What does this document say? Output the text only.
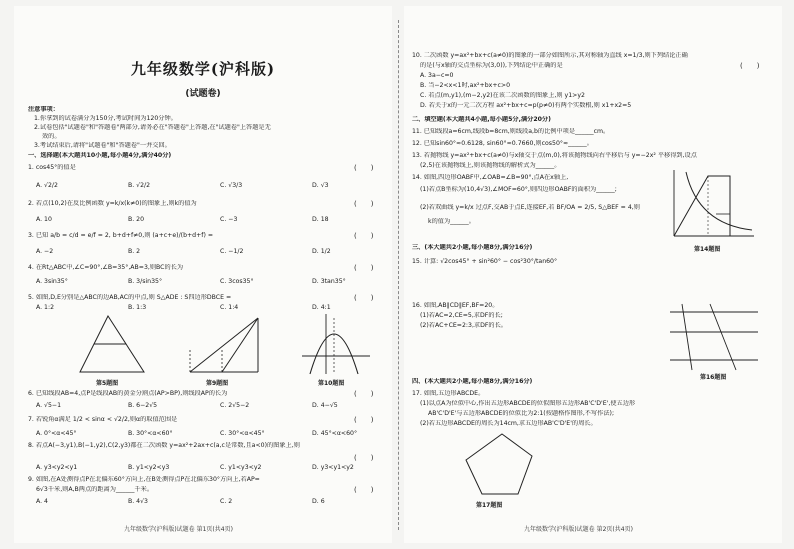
九年级数学(沪科版)
(试题卷)
注意事项：
1.你拿到的试卷满分为150分,考试时间为120分钟。
2.试卷包括"试题卷"和"答题卷"两部分,请务必在"答题卷"上答题,在"试题卷"上答题是无
效的。
3.考试结束后,请将"试题卷"和"答题卷"一并交回。
一、选择题(本大题共10小题,每小题4分,满分40分)
1. cos45°的值是	(　　)
A. √2/2	B. √2/2	C. √3/3	D. √3
2. 若点(10,2)在反比例函数 y=k/x(k≠0)的图象上,则k的值为	(　　)
A. 10	B. 20	C. −3	D. 18
3. 已知 a/b = c/d = e/f = 2, b+d+f≠0,则 (a+c+e)/(b+d+f) =	(　　)
A. −2	B. 2	C. −1/2	D. 1/2
4. 在Rt△ABC中,∠C=90°,∠B=35°,AB=3,则BC的长为	(　　)
A. 3sin35°	B. 3/sin35°	C. 3cos35°	D. 3tan35°
5. 如图,D,E分别是△ABC的边AB,AC的中点,则 S△ADE : S四边形DBCE =	(　　)
A. 1:2	B. 1:3	C. 1:4	D. 4:1
第5题图	第9题图	第10题图
6. 已知线段AB=4,点P是线段AB的黄金分割点(AP>BP),则线段AP的长为	(　　)
A. √5−1	B. 6−2√5	C. 2√5−2	D. 4−√5
7. 若锐角α满足 1/2 < sinα < √2/2,则α的取值范围是	(　　)
A. 0°<α<45°	B. 30°<α<60°	C. 30°<α<45°	D. 45°<α<60°
8. 若点A(−3,y1),B(−1,y2),C(2,y3)都在二次函数 y=ax²+2ax+c(a,c是常数,且a<0)的图象上,则
(　　)
A. y3<y2<y1	B. y1<y2<y3	C. y1<y3<y2	D. y3<y1<y2
9. 如图,在A处测得点P在北偏东60°方向上,在B处测得点P在北偏东30°方向上,若AP=
6√3千米,则A,B两点的距离为______千米。	(　　)
A. 4	B. 4√3	C. 2	D. 6
九年级数学(沪科版)试题卷 第1页(共4页)
10. 二次函数 y=ax²+bx+c(a≠0)的图象的一部分如图所示,其对称轴为直线 x=1/3,则下列结论正确
的是(与x轴的交点坐标为(3,0)),下列结论中正确的是	(　　)
A. 3a−c=0
B. 当−2<x<1时,ax²+bx+c>0
C. 若点(m,y1),(m−2,y2)在该二次函数的图象上,则 y1>y2
D. 若关于x的一元二次方程 ax²+bx+c=p(p≠0)有两个实数根,则 x1+x2=5
二、填空题(本大题共4小题,每小题5分,满分20分)
11. 已知线段a=6cm,线段b=8cm,则线段a,b的比例中项是______cm。
12. 已知sin60°≈0.6128, sin60°≈0.7660,则cos50°≈______。
13. 若抛物线 y=ax²+bx+c(a≠0)与x轴交于点(m,0),将该抛物线向右平移后与 y=−2x² 平移得到,设点
(2,5)在该抛物线上,则该抛物线的解析式为______。
14. 如图,四边形OABF中,∠OAB=∠B=90°,点A在x轴上,
(1)若点B坐标为(10,4√3),∠MOF=60°,则四边形OABF的面积为______;
(2)若双曲线 y=k/x 过点F,交AB于点E,连接EF,若 BF/OA = 2/5, S△BEF = 4,则
k的值为______。
第14题图
三、(本大题共2小题,每小题8分,满分16分)
15. 计算: √2cos45° + sin²60° − cos²30°/tan60°
16. 如图,AB∥CD∥EF,BF=20。
(1)若AC=2,CE=5,求DF的长;
(2)若AC+CE=2:3,求DF的长。
第16题图
四、(本大题共2小题,每小题8分,满分16分)
17. 如图,五边形ABCDE。
(1)以点A为位似中心,作出五边形ABCDE的位似图形五边形AB'C'D'E',使五边形
AB'C'D'E'与五边形ABCDE的位似比为2:1(按题格作图形,不写作法);
(2)若五边形ABCDE的周长为14cm,求五边形AB'C'D'E'的周长。
第17题图
九年级数学(沪科版)试题卷 第2页(共4页)
